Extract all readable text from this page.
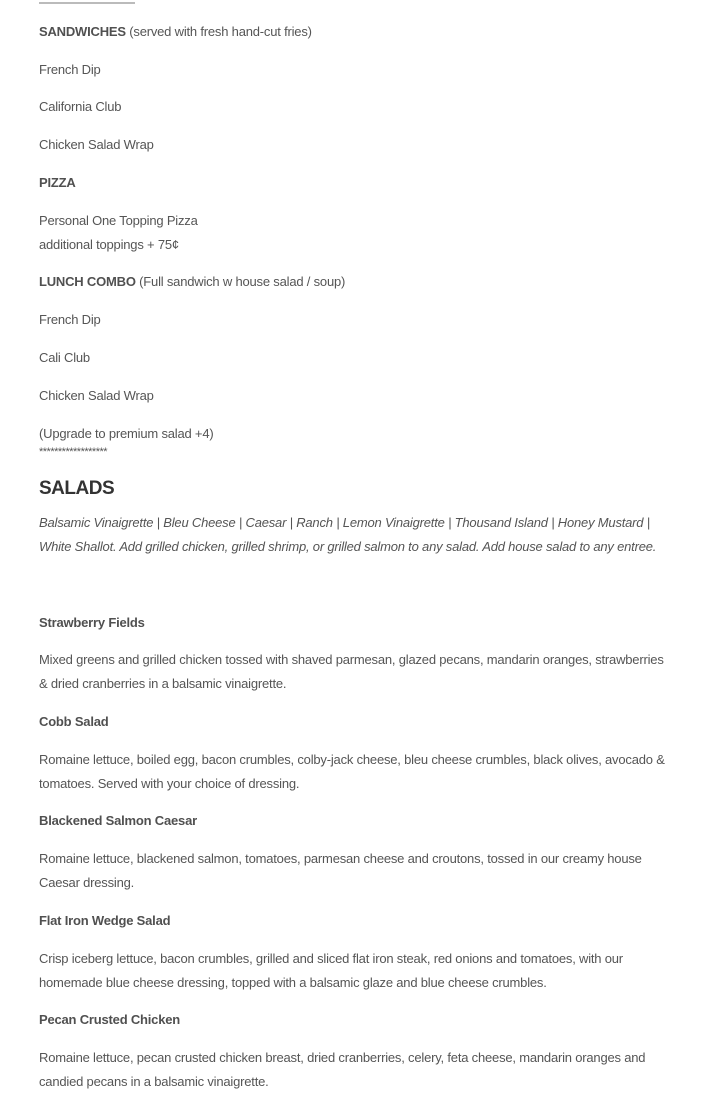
SANDWICHES (served with fresh hand-cut fries)
French Dip
California Club
Chicken Salad Wrap
PIZZA
Personal One Topping Pizza
additional toppings + 75¢
LUNCH COMBO (Full sandwich w house salad / soup)
French Dip
Cali Club
Chicken Salad Wrap
(Upgrade to premium salad +4)
******************
SALADS
Balsamic Vinaigrette | Bleu Cheese | Caesar | Ranch | Lemon Vinaigrette | Thousand Island | Honey Mustard | White Shallot. Add grilled chicken, grilled shrimp, or grilled salmon to any salad. Add house salad to any entree.
Strawberry Fields
Mixed greens and grilled chicken tossed with shaved parmesan, glazed pecans, mandarin oranges, strawberries & dried cranberries in a balsamic vinaigrette.
Cobb Salad
Romaine lettuce, boiled egg, bacon crumbles, colby-jack cheese, bleu cheese crumbles, black olives, avocado & tomatoes. Served with your choice of dressing.
Blackened Salmon Caesar
Romaine lettuce, blackened salmon, tomatoes, parmesan cheese and croutons, tossed in our creamy house Caesar dressing.
Flat Iron Wedge Salad
Crisp iceberg lettuce, bacon crumbles, grilled and sliced flat iron steak, red onions and tomatoes, with our homemade blue cheese dressing, topped with a balsamic glaze and blue cheese crumbles.
Pecan Crusted Chicken
Romaine lettuce, pecan crusted chicken breast, dried cranberries, celery, feta cheese, mandarin oranges and candied pecans in a balsamic vinaigrette.
